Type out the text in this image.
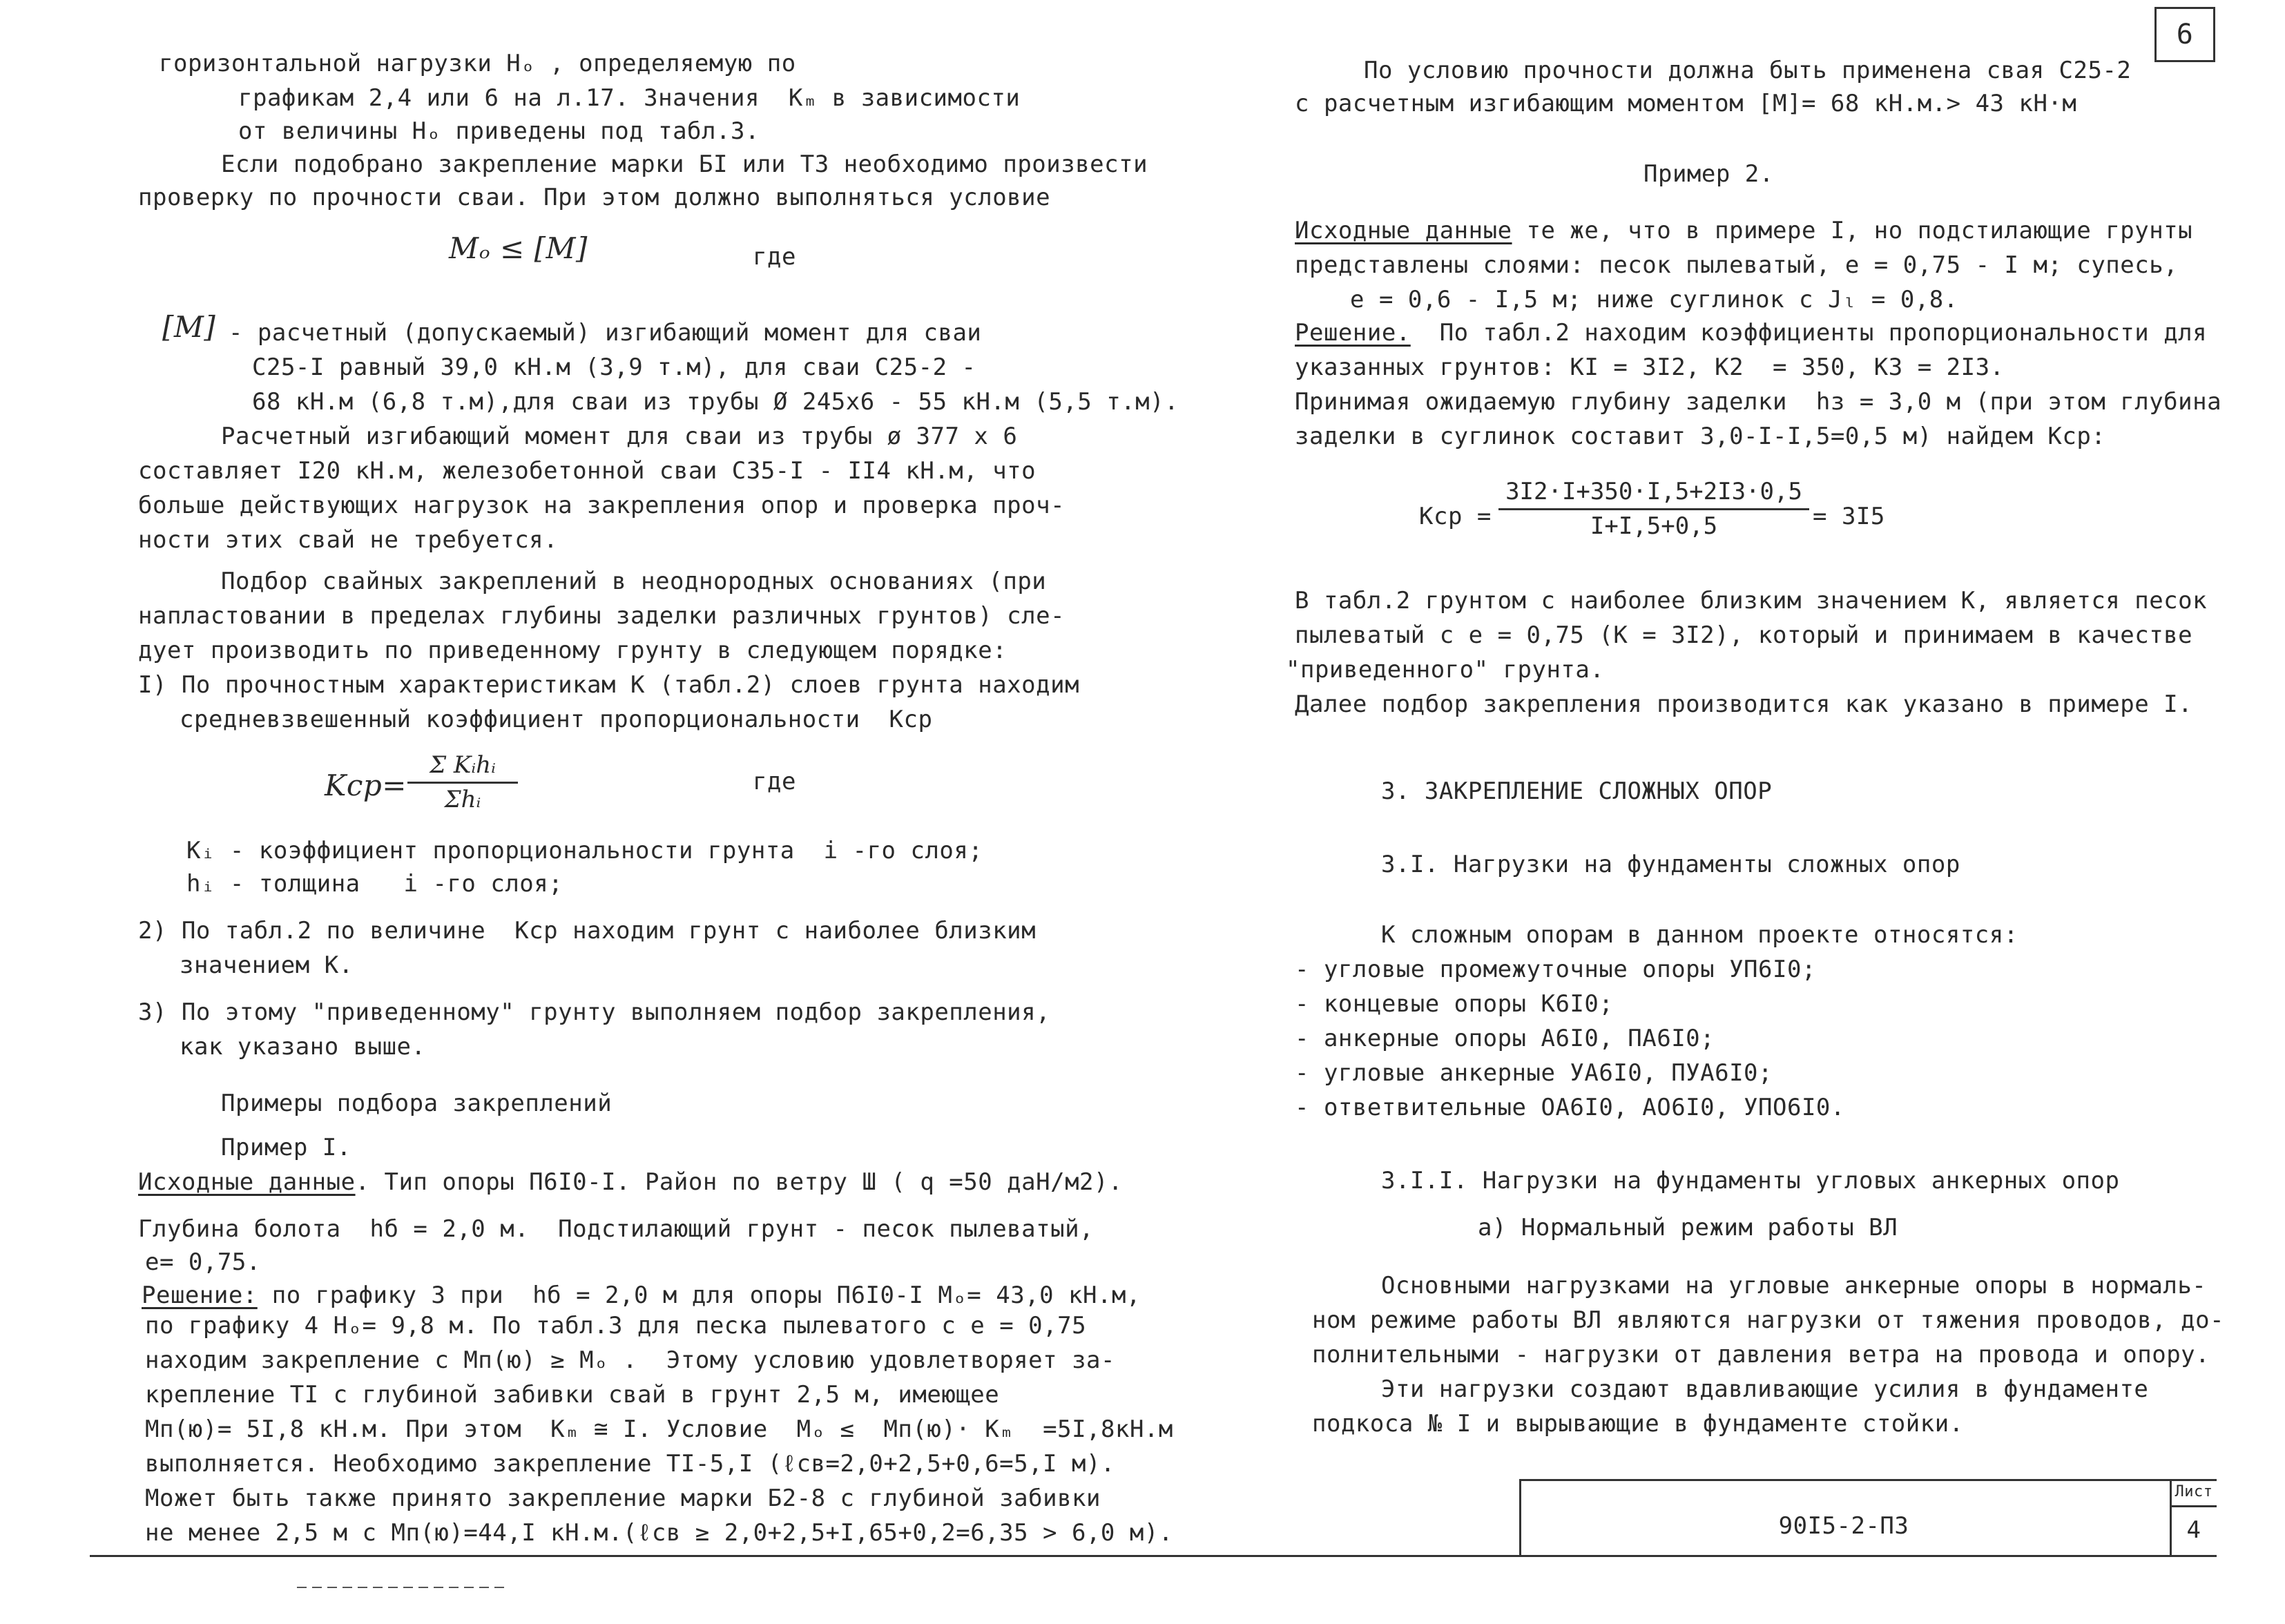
горизонтальной нагрузки Hₒ , определяемую по
графикам 2,4 или 6 на л.17. Значения  Kₘ в зависимости
от величины Hₒ приведены под табл.3.
Если подобрано закрепление марки БI или ТЗ необходимо произвести
проверку по прочности сваи. При этом должно выполняться условие
Mₒ ≤ [M]	где
[M]
- расчетный (допускаемый) изгибающий момент для сваи
С25-I равный 39,0 кН.м (3,9 т.м), для сваи С25-2 -
68 кН.м (6,8 т.м),для сваи из трубы Ø 245x6 - 55 кН.м (5,5 т.м).
Расчетный изгибающий момент для сваи из трубы ø 377 x 6
составляет I20 кН.м, железобетонной сваи С35-I - II4 кН.м, что
больше действующих нагрузок на закрепления опор и проверка проч-
ности этих свай не требуется.
Подбор свайных закреплений в неоднородных основаниях (при
напластовании в пределах глубины заделки различных грунтов) сле-
дует производить по приведенному грунту в следующем порядке:
I) По прочностным характеристикам К (табл.2) слоев грунта находим
средневзвешенный коэффициент пропорциональности  Kср
Kср=
Σ Kᵢhᵢ
Σhᵢ
где
Kᵢ - коэффициент пропорциональности грунта  i -го слоя;
hᵢ - толщина   i -го слоя;
2) По табл.2 по величине  Kср находим грунт с наиболее близким
значением К.
3) По этому "приведенному" грунту выполняем подбор закрепления,
как указано выше.
Примеры подбора закреплений
Пример I.
Исходные данные. Тип опоры П6I0-I. Район по ветру Ш ( q =50 даН/м2).
Глубина болота  hб = 2,0 м.  Подстилающий грунт - песок пылеватый,
e= 0,75.
Решение: по графику 3 при  hб = 2,0 м для опоры П6I0-I Mₒ= 43,0 кН.м,
по графику 4 Hₒ= 9,8 м. По табл.3 для песка пылеватого с e = 0,75
находим закрепление с Mп(ю) ≥ Mₒ .  Этому условию удовлетворяет за-
крепление ТI с глубиной забивки свай в грунт 2,5 м, имеющее
Mп(ю)= 5I,8 кН.м. При этом  Kₘ ≅ I. Условие  Mₒ ≤  Mп(ю)· Kₘ  =5I,8кН.м
выполняется. Необходимо закрепление ТI-5,I (ℓсв=2,0+2,5+0,6=5,I м).
Может быть также принято закрепление марки Б2-8 с глубиной забивки
не менее 2,5 м с Mп(ю)=44,I кН.м.(ℓсв ≥ 2,0+2,5+I,65+0,2=6,35 > 6,0 м).
6
По условию прочности должна быть применена свая С25-2
с расчетным изгибающим моментом [M]= 68 кН.м.> 43 кН·м
Пример 2.
Исходные данные те же, что в примере I, но подстилающие грунты
представлены слоями: песок пылеватый, e = 0,75 - I м; супесь,
e = 0,6 - I,5 м; ниже суглинок с Jₗ = 0,8.
Решение.  По табл.2 находим коэффициенты пропорциональности для
указанных грунтов: KI = 3I2, K2  = 350, K3 = 2I3.
Принимая ожидаемую глубину заделки  hз = 3,0 м (при этом глубина
заделки в суглинок составит 3,0-I-I,5=0,5 м) найдем Kср:
Kср =
3I2·I+350·I,5+2I3·0,5
I+I,5+0,5	= 3I5
В табл.2 грунтом с наиболее близким значением K, является песок
пылеватый с e = 0,75 (К = 3I2), который и принимаем в качестве
"приведенного" грунта.
Далее подбор закрепления производится как указано в примере I.
3. ЗАКРЕПЛЕНИЕ СЛОЖНЫХ ОПОР
3.I. Нагрузки на фундаменты сложных опор
К сложным опорам в данном проекте относятся:
- угловые промежуточные опоры УП6I0;
- концевые опоры К6I0;
- анкерные опоры А6I0, ПА6I0;
- угловые анкерные УА6I0, ПУА6I0;
- ответвительные ОА6I0, АО6I0, УПО6I0.
3.I.I. Нагрузки на фундаменты угловых анкерных опор
а) Нормальный режим работы ВЛ
Основными нагрузками на угловые анкерные опоры в нормаль-
ном режиме работы ВЛ являются нагрузки от тяжения проводов, до-
полнительными - нагрузки от давления ветра на провода и опору.
Эти нагрузки создают вдавливающие усилия в фундаменте
подкоса № I и вырывающие в фундаменте стойки.
90I5-2-ПЗ
Лист
4
